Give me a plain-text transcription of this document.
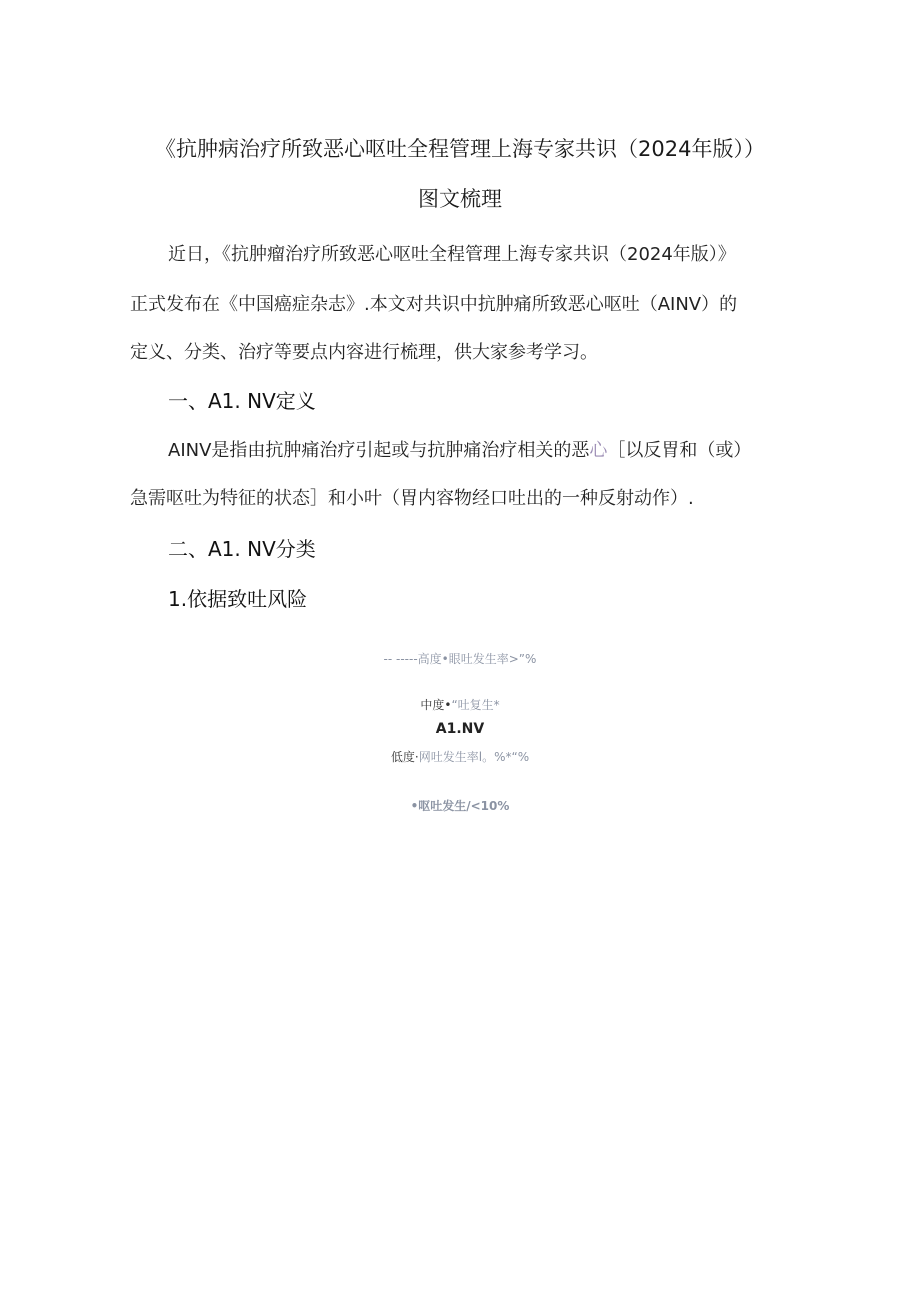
《抗肿病治疗所致恶心呕吐全程管理上海专家共识（2024年版））
图文梳理
近日，《抗肿瘤治疗所致恶心呕吐全程管理上海专家共识（2024年版）》
正式发布在《中国癌症杂志》.本文对共识中抗肿痛所致恶心呕吐（AINV）的
定义、分类、治疗等要点内容进行梳理，供大家参考学习。
一、A1. NV定义
AINV是指由抗肿痛治疗引起或与抗肿痛治疗相关的恶心［以反胃和（或）
急需呕吐为特征的状态］和小叶（胃内容物经口吐出的一种反射动作）.
二、A1. NV分类
1.依据致吐风险
-- -----高度•眼吐发生率>”%
中度•“吐复生*
A1.NV
低度·网吐发生率l。%*“%
•呕吐发生/<10%
